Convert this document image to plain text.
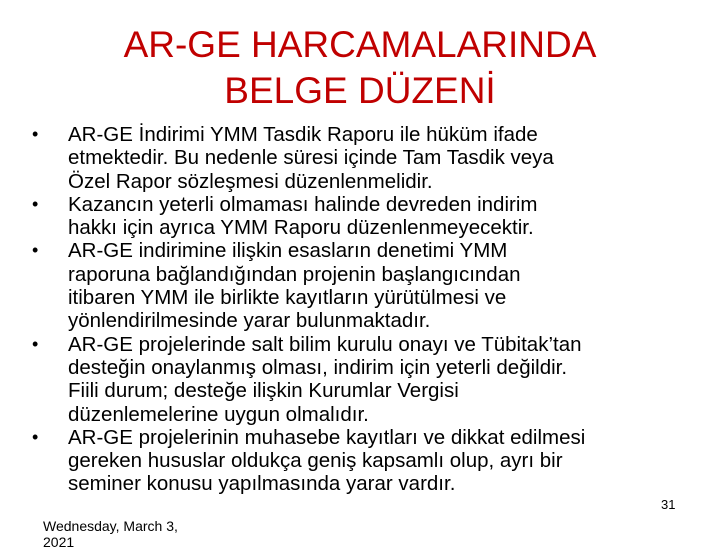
AR-GE HARCAMALARINDA
BELGE DÜZENİ
• AR-GE İndirimi YMM Tasdik Raporu ile hüküm ifade
etmektedir. Bu nedenle süresi içinde Tam Tasdik veya
Özel Rapor sözleşmesi düzenlenmelidir.
• Kazancın yeterli olmaması halinde devreden indirim
hakkı için ayrıca YMM Raporu düzenlenmeyecektir.
• AR-GE indirimine ilişkin esasların denetimi YMM
raporuna bağlandığından projenin başlangıcından
itibaren YMM ile birlikte kayıtların yürütülmesi ve
yönlendirilmesinde yarar bulunmaktadır.
• AR-GE projelerinde salt bilim kurulu onayı ve Tübitak’tan
desteğin onaylanmış olması, indirim için yeterli değildir.
Fiili durum; desteğe ilişkin Kurumlar Vergisi
düzenlemelerine uygun olmalıdır.
• AR-GE projelerinin muhasebe kayıtları ve dikkat edilmesi
gereken hususlar oldukça geniş kapsamlı olup, ayrı bir
seminer konusu yapılmasında yarar vardır.
Wednesday, March 3,
2021
31
